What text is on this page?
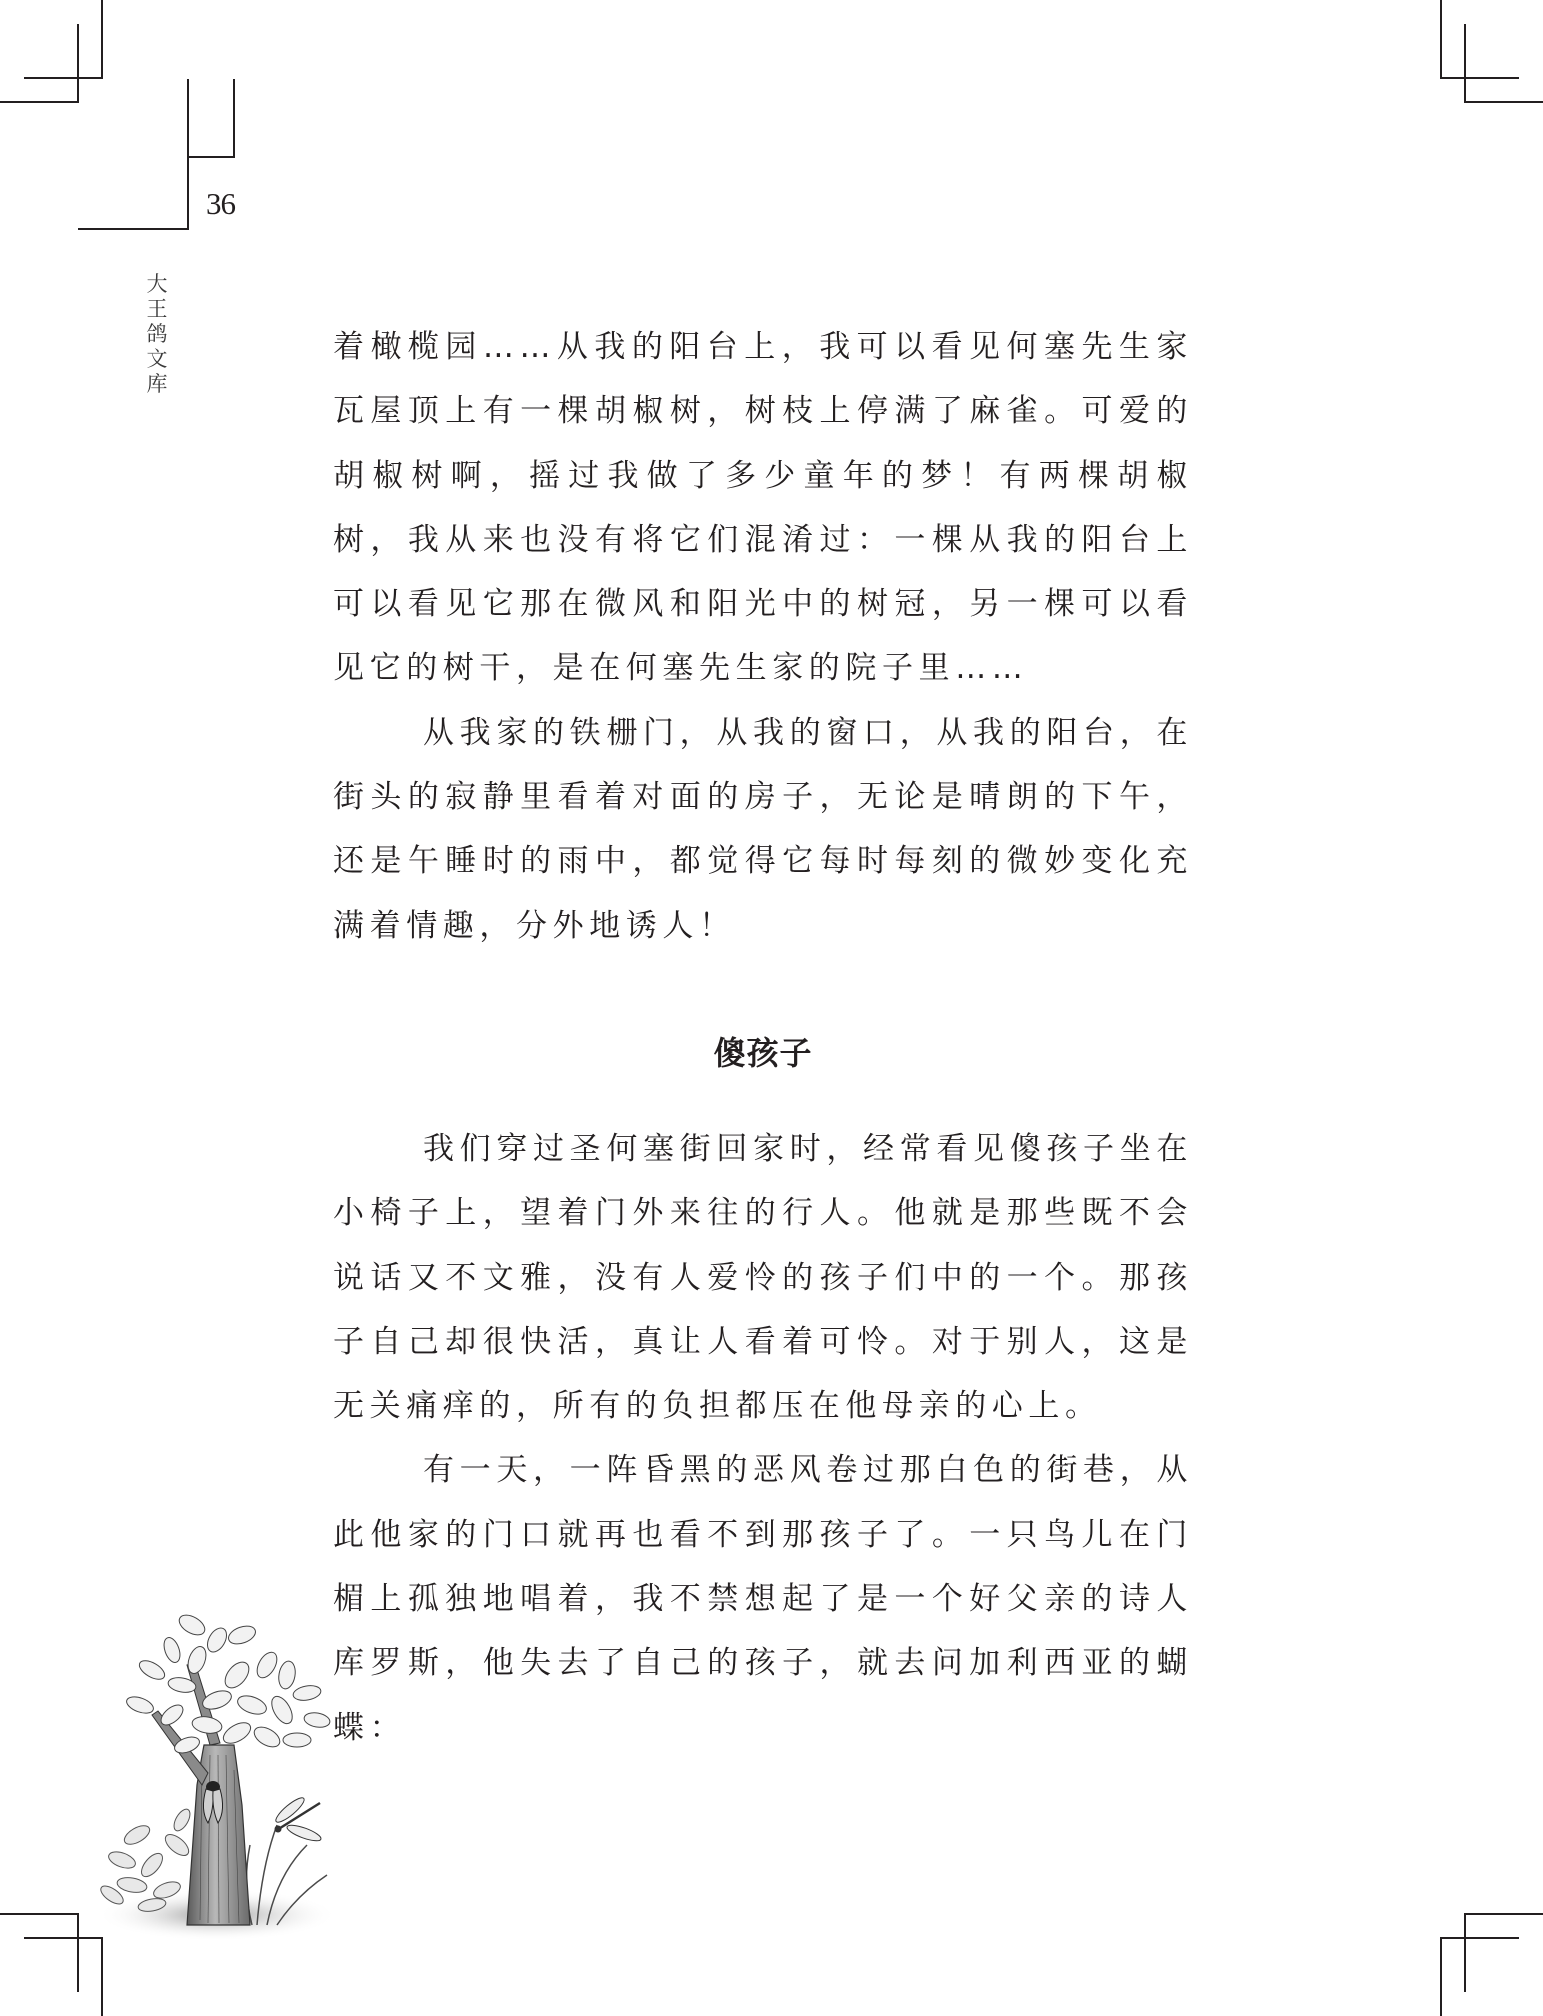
36
大王鸽文库

着橄榄园……从我的阳台上，我可以看见何塞先生家瓦屋顶上有一棵胡椒树，树枝上停满了麻雀。可爱的胡椒树啊，摇过我做了多少童年的梦！有两棵胡椒树，我从来也没有将它们混淆过：一棵从我的阳台上可以看见它那在微风和阳光中的树冠，另一棵可以看见它的树干，是在何塞先生家的院子里……

从我家的铁栅门，从我的窗口，从我的阳台，在街头的寂静里看着对面的房子，无论是晴朗的下午，还是午睡时的雨中，都觉得它每时每刻的微妙变化充满着情趣，分外地诱人！

傻孩子

我们穿过圣何塞街回家时，经常看见傻孩子坐在小椅子上，望着门外来往的行人。他就是那些既不会说话又不文雅，没有人爱怜的孩子们中的一个。那孩子自己却很快活，真让人看着可怜。对于别人，这是无关痛痒的，所有的负担都压在他母亲的心上。

有一天，一阵昏黑的恶风卷过那白色的街巷，从此他家的门口就再也看不到那孩子了。一只鸟儿在门楣上孤独地唱着，我不禁想起了是一个好父亲的诗人库罗斯，他失去了自己的孩子，就去问加利西亚的蝴蝶：
